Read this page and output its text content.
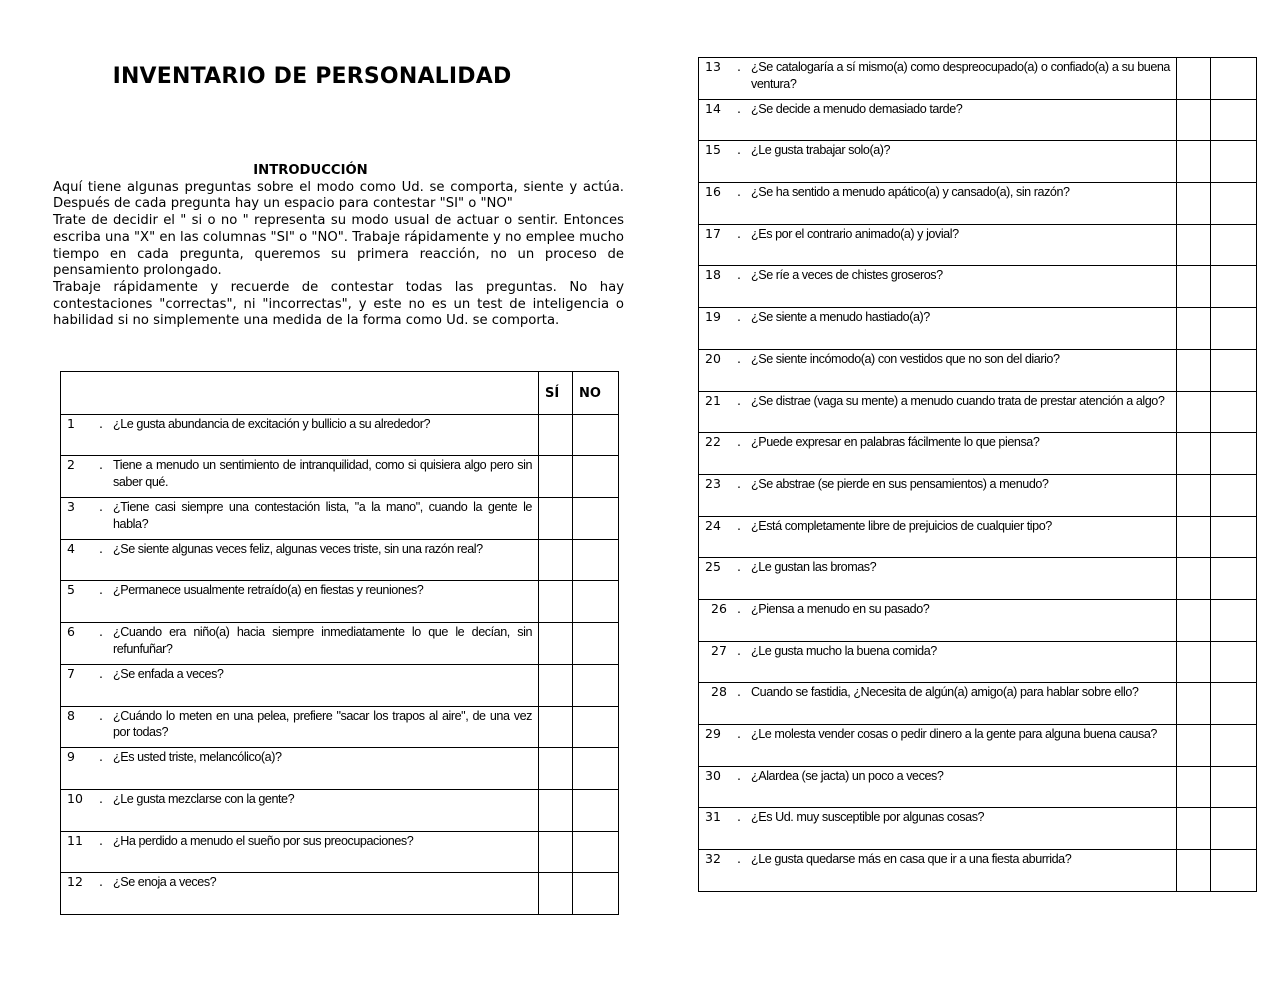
INVENTARIO DE PERSONALIDAD
INTRODUCCIÓN

Aquí tiene algunas preguntas sobre el modo como Ud. se comporta, siente y actúa. Después de cada pregunta hay un espacio para contestar "SI" o "NO"

Trate de decidir el " si o no " representa su modo usual de actuar o sentir. Entonces escriba una "X" en las columnas "SI" o "NO". Trabaje rápidamente y no emplee mucho tiempo en cada pregunta, queremos su primera reacción, no un proceso de pensamiento prolongado.

Trabaje rápidamente y recuerde de contestar todas las preguntas. No hay contestaciones "correctas", ni "incorrectas", y este no es un test de inteligencia o habilidad si no simplemente una medida de la forma como Ud. se comporta.

	SÍ	NO

1 . ¿Le gusta abundancia de excitación y bullicio a su alrededor?		

2 . Tiene a menudo un sentimiento de intranquilidad, como si quisiera algo pero sin saber qué.		

3 . ¿Tiene casi siempre una contestación lista, "a la mano", cuando la gente le habla?		

4 . ¿Se siente algunas veces feliz, algunas veces triste, sin una razón real?		

5 . ¿Permanece usualmente retraído(a) en fiestas y reuniones?		

6 . ¿Cuando era niño(a) hacia siempre inmediatamente lo que le decían, sin refunfuñar?		

7 . ¿Se enfada a veces?		

8 . ¿Cuándo lo meten en una pelea, prefiere "sacar los trapos al aire", de una vez por todas?		

9 . ¿Es usted triste, melancólico(a)?		

10 . ¿Le gusta mezclarse con la gente?		

11 . ¿Ha perdido a menudo el sueño por sus preocupaciones?		

12 . ¿Se enoja a veces?		

13 . ¿Se catalogaría a sí mismo(a) como despreocupado(a) o confiado(a) a su buena ventura?		

14 . ¿Se decide a menudo demasiado tarde?		

15 . ¿Le gusta trabajar solo(a)?		

16 . ¿Se ha sentido a menudo apático(a) y cansado(a), sin razón?		

17 . ¿Es por el contrario animado(a) y jovial?		

18 . ¿Se ríe a veces de chistes groseros?		

19 . ¿Se siente a menudo hastiado(a)?		

20 . ¿Se siente incómodo(a) con vestidos que no son del diario?		

21 . ¿Se distrae (vaga su mente) a menudo cuando trata de prestar atención a algo?		

22 . ¿Puede expresar en palabras fácilmente lo que piensa?		

23 . ¿Se abstrae (se pierde en sus pensamientos) a menudo?		

24 . ¿Está completamente libre de prejuicios de cualquier tipo?		

25 . ¿Le gustan las bromas?		

26 . ¿Piensa a menudo en su pasado?		

27 . ¿Le gusta mucho la buena comida?		

28 . Cuando se fastidia, ¿Necesita de algún(a) amigo(a) para hablar sobre ello?		

29 . ¿Le molesta vender cosas o pedir dinero a la gente para alguna buena causa?		

30 . ¿Alardea (se jacta) un poco a veces?		

31 . ¿Es Ud. muy susceptible por algunas cosas?		

32 . ¿Le gusta quedarse más en casa que ir a una fiesta aburrida?		
